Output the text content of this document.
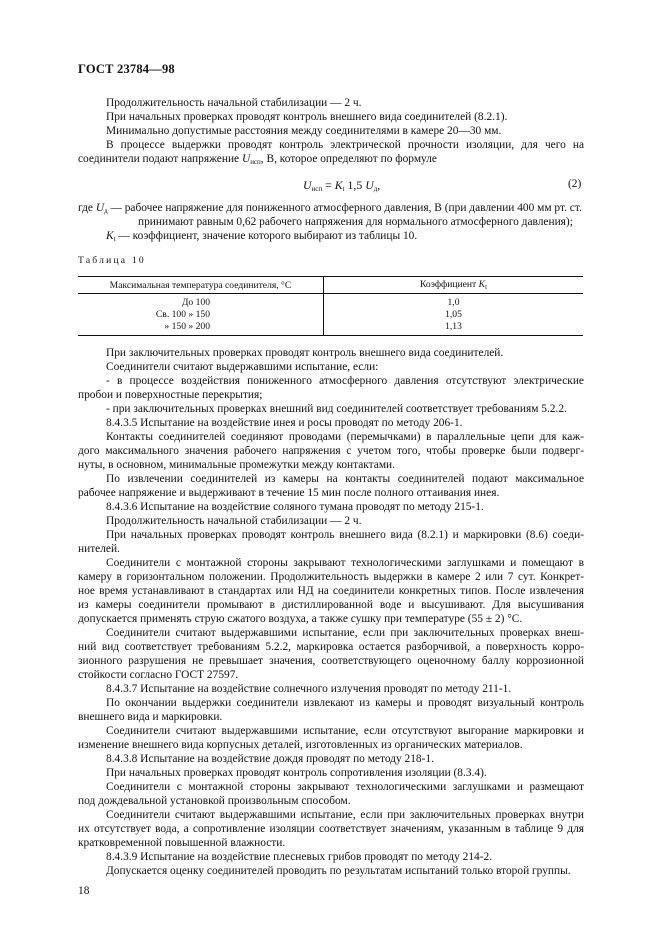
ГОСТ 23784—98
Продолжительность начальной стабилизации — 2 ч.
При начальных проверках проводят контроль внешнего вида соединителей (8.2.1).
Минимально допустимые расстояния между соединителями в камере 20—30 мм.
В процессе выдержки проводят контроль электрической прочности изоляции, для чего на
соединители подают напряжение $U_{исп}$, В, которое определяют по формуле
$U_{исп} = K_t$ 1,5 $U_д$,	(2)
где $U_д$ — рабочее напряжение для пониженного атмосферного давления, В (при давлении 400 мм рт. ст.
принимают равным 0,62 рабочего напряжения для нормального атмосферного давления);
$K_t$ — коэффициент, значение которого выбирают из таблицы 10.
Таблица 10
Максимальная температура соединителя, °С	Коэффициент $K_t$
До 100	1,0
Св. 100 » 150	1,05
» 150 » 200	1,13
При заключительных проверках проводят контроль внешнего вида соединителей.
Соединители считают выдержавшими испытание, если:
- в процессе воздействия пониженного атмосферного давления отсутствуют электрические
пробои и поверхностные перекрытия;
- при заключительных проверках внешний вид соединителей соответствует требованиям 5.2.2.
8.4.3.5 Испытание на воздействие инея и росы проводят по методу 206-1.
Контакты соединителей соединяют проводами (перемычками) в параллельные цепи для каж-
дого максимального значения рабочего напряжения с учетом того, чтобы проверке были подверг-
нуты, в основном, минимальные промежутки между контактами.
По извлечении соединителей из камеры на контакты соединителей подают максимальное
рабочее напряжение и выдерживают в течение 15 мин после полного оттаивания инея.
8.4.3.6 Испытание на воздействие соляного тумана проводят по методу 215-1.
Продолжительность начальной стабилизации — 2 ч.
При начальных проверках проводят контроль внешнего вида (8.2.1) и маркировки (8.6) соеди-
нителей.
Соединители с монтажной стороны закрывают технологическими заглушками и помещают в
камеру в горизонтальном положении. Продолжительность выдержки в камере 2 или 7 сут. Конкрет-
ное время устанавливают в стандартах или НД на соединители конкретных типов. После извлечения
из камеры соединители промывают в дистиллированной воде и высушивают. Для высушивания
допускается применять струю сжатого воздуха, а также сушку при температуре (55 ± 2) °С.
Соединители считают выдержавшими испытание, если при заключительных проверках внеш-
ний вид соответствует требованиям 5.2.2, маркировка остается разборчивой, а поверхность корро-
зионного разрушения не превышает значения, соответствующего оценочному баллу коррозионной
стойкости согласно ГОСТ 27597.
8.4.3.7 Испытание на воздействие солнечного излучения проводят по методу 211-1.
По окончании выдержки соединители извлекают из камеры и проводят визуальный контроль
внешнего вида и маркировки.
Соединители считают выдержавшими испытание, если отсутствуют выгорание маркировки и
изменение внешнего вида корпусных деталей, изготовленных из органических материалов.
8.4.3.8 Испытание на воздействие дождя проводят по методу 218-1.
При начальных проверках проводят контроль сопротивления изоляции (8.3.4).
Соединители с монтажной стороны закрывают технологическими заглушками и размещают
под дождевальной установкой произвольным способом.
Соединители считают выдержавшими испытание, если при заключительных проверках внутри
их отсутствует вода, а сопротивление изоляции соответствует значениям, указанным в таблице 9 для
кратковременной повышенной влажности.
8.4.3.9 Испытание на воздействие плесневых грибов проводят по методу 214-2.
Допускается оценку соединителей проводить по результатам испытаний только второй группы.
18
